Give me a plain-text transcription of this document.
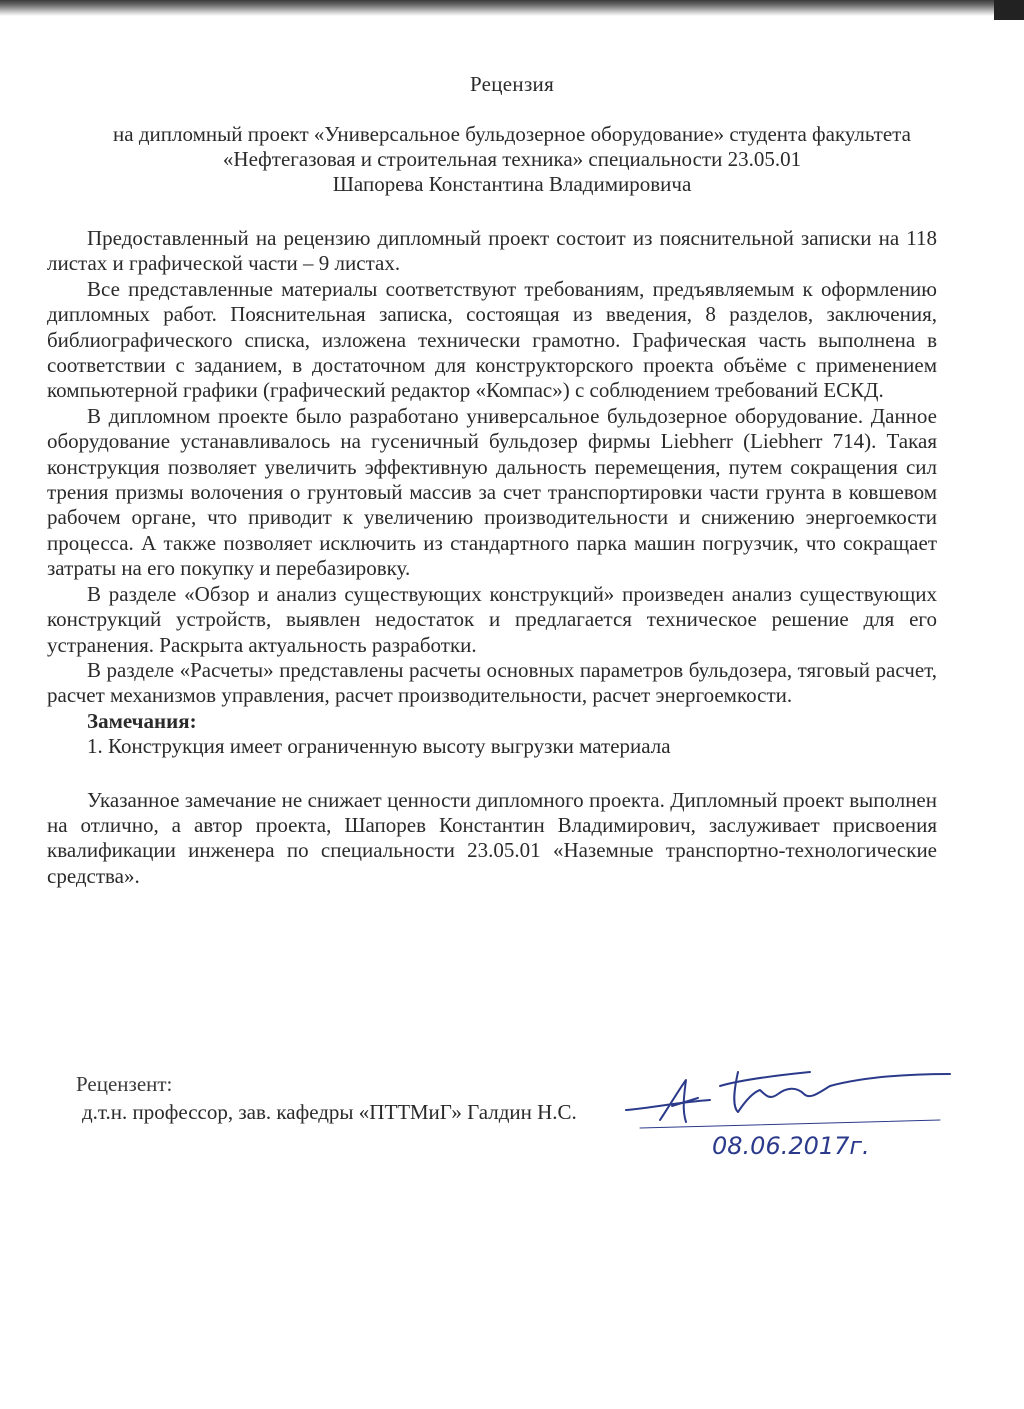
Рецензия
на дипломный проект «Универсальное бульдозерное оборудование» студента факультета
«Нефтегазовая и строительная техника» специальности 23.05.01
Шапорева Константина Владимировича

Предоставленный на рецензию дипломный проект состоит из пояснительной записки на 118 листах и графической части – 9 листах.

Все представленные материалы соответствуют требованиям, предъявляемым к оформлению дипломных работ. Пояснительная записка, состоящая из введения, 8 разделов, заключения, библиографического списка, изложена технически грамотно. Графическая часть выполнена в соответствии с заданием, в достаточном для конструкторского проекта объёме с применением компьютерной графики (графический редактор «Компас») с соблюдением требований ЕСКД.

В дипломном проекте было разработано универсальное бульдозерное оборудование. Данное оборудование устанавливалось на гусеничный бульдозер фирмы Liebherr (Liebherr 714). Такая конструкция позволяет увеличить эффективную дальность перемещения, путем сокращения сил трения призмы волочения о грунтовый массив за счет транспортировки части грунта в ковшевом рабочем органе, что приводит к увеличению производительности и снижению энергоемкости процесса. А также позволяет исключить из стандартного парка машин погрузчик, что сокращает затраты на его покупку и перебазировку.

В разделе «Обзор и анализ существующих конструкций» произведен анализ существующих конструкций устройств, выявлен недостаток и предлагается техническое решение для его устранения. Раскрыта актуальность разработки.

В разделе «Расчеты» представлены расчеты основных параметров бульдозера, тяговый расчет, расчет механизмов управления, расчет производительности, расчет энергоемкости.

Замечания:

1. Конструкция имеет ограниченную высоту выгрузки материала

Указанное замечание не снижает ценности дипломного проекта. Дипломный проект выполнен на отлично, а автор проекта, Шапорев Константин Владимирович, заслуживает присвоения квалификации инженера по специальности 23.05.01 «Наземные транспортно-технологические средства».

Рецензент:
д.т.н. профессор, зав. кафедры «ПТТМиГ» Галдин Н.С.
08.06.2017г.
